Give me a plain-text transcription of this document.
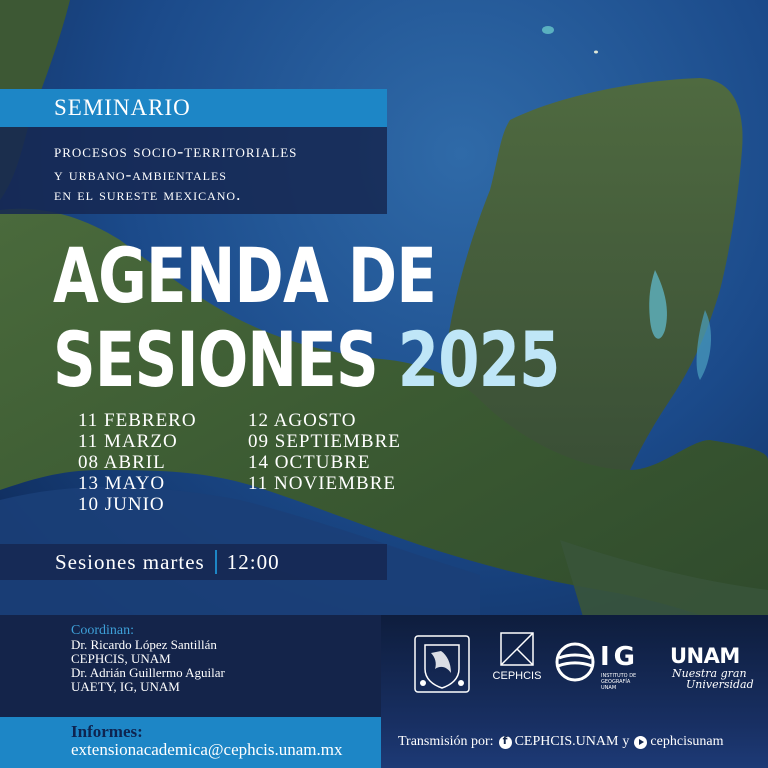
SEMINARIO
procesos socio-territoriales
y urbano-ambientales
en el sureste mexicano.
AGENDA DE
SESIONES 2025
11 FEBRERO
11 MARZO
08 ABRIL
13 MAYO
10 JUNIO
12 AGOSTO
09 SEPTIEMBRE
14 OCTUBRE
11 NOVIEMBRE
Sesiones martes 12:00
Coordinan:
Dr. Ricardo López Santillán
CEPHCIS, UNAM
Dr. Adrián Guillermo Aguilar
UAETY, IG, UNAM
Informes:
extensionacademica@cephcis.unam.mx
CEPHCIS
IG
INSTITUTO DE
GEOGRAFÍA
UNAM
UNAM
Nuestra gran
Universidad
Transmisión por:
f CEPHCIS.UNAM y cephcisunam
